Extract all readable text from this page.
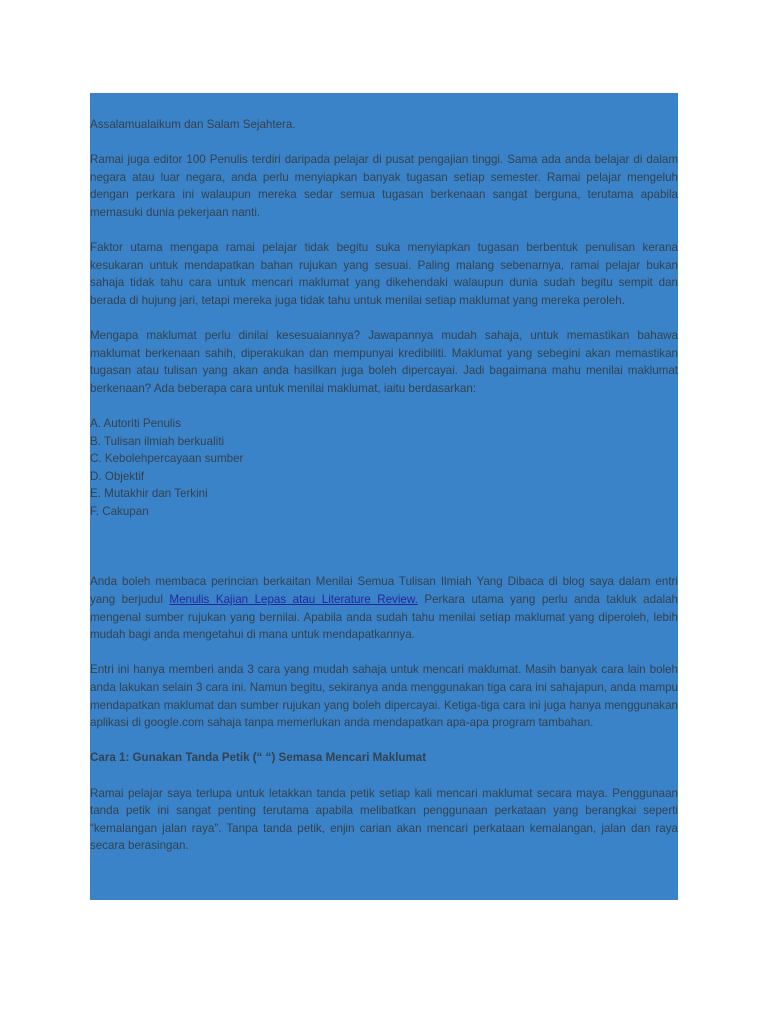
Assalamualaikum dan Salam Sejahtera.

Ramai juga editor 100 Penulis terdiri daripada pelajar di pusat pengajian tinggi. Sama ada anda belajar di dalam negara atau luar negara, anda perlu menyiapkan banyak tugasan setiap semester. Ramai pelajar mengeluh dengan perkara ini walaupun mereka sedar semua tugasan berkenaan sangat berguna, terutama apabila memasuki dunia pekerjaan nanti.

Faktor utama mengapa ramai pelajar tidak begitu suka menyiapkan tugasan berbentuk penulisan kerana kesukaran untuk mendapatkan bahan rujukan yang sesuai. Paling malang sebenarnya, ramai pelajar bukan sahaja tidak tahu cara untuk mencari maklumat yang dikehendaki walaupun dunia sudah begitu sempit dan berada di hujung jari, tetapi mereka juga tidak tahu untuk menilai setiap maklumat yang mereka peroleh.

Mengapa maklumat perlu dinilai kesesuaiannya? Jawapannya mudah sahaja, untuk memastikan bahawa maklumat berkenaan sahih, diperakukan dan mempunyai kredibiliti. Maklumat yang sebegini akan memastikan tugasan atau tulisan yang akan anda hasilkan juga boleh dipercayai. Jadi bagaimana mahu menilai maklumat berkenaan? Ada beberapa cara untuk menilai maklumat, iaitu berdasarkan:

A. Autoriti Penulis
B. Tulisan ilmiah berkualiti
C. Kebolehpercayaan sumber
D. Objektif
E. Mutakhir dan Terkini
F. Cakupan

Anda boleh membaca perincian berkaitan Menilai Semua Tulisan Ilmiah Yang Dibaca di blog saya dalam entri yang berjudul Menulis Kajian Lepas atau Literature Review. Perkara utama yang perlu anda takluk adalah mengenal sumber rujukan yang bernilai. Apabila anda sudah tahu menilai setiap maklumat yang diperoleh, lebih mudah bagi anda mengetahui di mana untuk mendapatkannya.

Entri ini hanya memberi anda 3 cara yang mudah sahaja untuk mencari maklumat. Masih banyak cara lain boleh anda lakukan selain 3 cara ini. Namun begitu, sekiranya anda menggunakan tiga cara ini sahajapun, anda mampu mendapatkan maklumat dan sumber rujukan yang boleh dipercayai. Ketiga-tiga cara ini juga hanya menggunakan aplikasi di google.com sahaja tanpa memerlukan anda mendapatkan apa-apa program tambahan.

Cara 1: Gunakan Tanda Petik (“ “) Semasa Mencari Maklumat

Ramai pelajar saya terlupa untuk letakkan tanda petik setiap kali mencari maklumat secara maya. Penggunaan tanda petik ini sangat penting terutama apabila melibatkan penggunaan perkataan yang berangkai seperti “kemalangan jalan raya”. Tanpa tanda petik, enjin carian akan mencari perkataan kemalangan, jalan dan raya secara berasingan.
